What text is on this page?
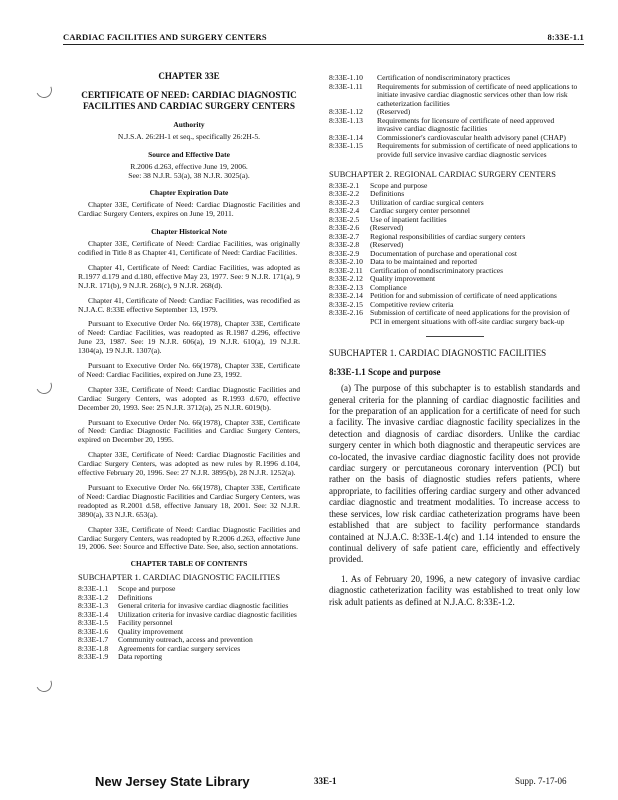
CARDIAC FACILITIES AND SURGERY CENTERS	8:33E-1.1
CHAPTER 33E
CERTIFICATE OF NEED: CARDIAC DIAGNOSTIC FACILITIES AND CARDIAC SURGERY CENTERS
Authority
N.J.S.A. 26:2H-1 et seq., specifically 26:2H-5.
Source and Effective Date
R.2006 d.263, effective June 19, 2006.
See: 38 N.J.R. 53(a), 38 N.J.R. 3025(a).
Chapter Expiration Date

Chapter 33E, Certificate of Need: Cardiac Diagnostic Facilities and Cardiac Surgery Centers, expires on June 19, 2011.

Chapter Historical Note

Chapter 33E, Certificate of Need: Cardiac Facilities, was originally codified in Title 8 as Chapter 41, Certificate of Need: Cardiac Facilities.

Chapter 41, Certificate of Need: Cardiac Facilities, was adopted as R.1977 d.179 and d.180, effective May 23, 1977. See: 9 N.J.R. 171(a), 9 N.J.R. 171(b), 9 N.J.R. 268(c), 9 N.J.R. 268(d).

Chapter 41, Certificate of Need: Cardiac Facilities, was recodified as N.J.A.C. 8:33E effective September 13, 1979.

Pursuant to Executive Order No. 66(1978), Chapter 33E, Certificate of Need: Cardiac Facilities, was readopted as R.1987 d.296, effective June 23, 1987. See: 19 N.J.R. 606(a), 19 N.J.R. 610(a), 19 N.J.R. 1304(a), 19 N.J.R. 1307(a).

Pursuant to Executive Order No. 66(1978), Chapter 33E, Certificate of Need: Cardiac Facilities, expired on June 23, 1992.

Chapter 33E, Certificate of Need: Cardiac Diagnostic Facilities and Cardiac Surgery Centers, was adopted as R.1993 d.670, effective December 20, 1993. See: 25 N.J.R. 3712(a), 25 N.J.R. 6019(b).

Pursuant to Executive Order No. 66(1978), Chapter 33E, Certificate of Need: Cardiac Diagnostic Facilities and Cardiac Surgery Centers, expired on December 20, 1995.

Chapter 33E, Certificate of Need: Cardiac Diagnostic Facilities and Cardiac Surgery Centers, was adopted as new rules by R.1996 d.104, effective February 20, 1996. See: 27 N.J.R. 3895(b), 28 N.J.R. 1252(a).

Pursuant to Executive Order No. 66(1978), Chapter 33E, Certificate of Need: Cardiac Diagnostic Facilities and Cardiac Surgery Centers, was readopted as R.2001 d.58, effective January 18, 2001. See: 32 N.J.R. 3890(a), 33 N.J.R. 653(a).

Chapter 33E, Certificate of Need: Cardiac Diagnostic Facilities and Cardiac Surgery Centers, was readopted by R.2006 d.263, effective June 19, 2006. See: Source and Effective Date. See, also, section annotations.

CHAPTER TABLE OF CONTENTS
SUBCHAPTER 1. CARDIAC DIAGNOSTIC FACILITIES
8:33E-1.1	Scope and purpose
8:33E-1.2	Definitions
8:33E-1.3	General criteria for invasive cardiac diagnostic facilities
8:33E-1.4	Utilization criteria for invasive cardiac diagnostic facilities
8:33E-1.5	Facility personnel
8:33E-1.6	Quality improvement
8:33E-1.7	Community outreach, access and prevention
8:33E-1.8	Agreements for cardiac surgery services
8:33E-1.9	Data reporting
8:33E-1.10	Certification of nondiscriminatory practices
8:33E-1.11	Requirements for submission of certificate of need applications to initiate invasive cardiac diagnostic services other than low risk catheterization facilities
8:33E-1.12	(Reserved)
8:33E-1.13	Requirements for licensure of certificate of need approved invasive cardiac diagnostic facilities
8:33E-1.14	Commissioner's cardiovascular health advisory panel (CHAP)
8:33E-1.15	Requirements for submission of certificate of need applications to provide full service invasive cardiac diagnostic services
SUBCHAPTER 2. REGIONAL CARDIAC SURGERY CENTERS
8:33E-2.1	Scope and purpose
8:33E-2.2	Definitions
8:33E-2.3	Utilization of cardiac surgical centers
8:33E-2.4	Cardiac surgery center personnel
8:33E-2.5	Use of inpatient facilities
8:33E-2.6	(Reserved)
8:33E-2.7	Regional responsibilities of cardiac surgery centers
8:33E-2.8	(Reserved)
8:33E-2.9	Documentation of purchase and operational cost
8:33E-2.10 Data to be maintained and reported
8:33E-2.11 Certification of nondiscriminatory practices
8:33E-2.12 Quality improvement
8:33E-2.13 Compliance
8:33E-2.14 Petition for and submission of certificate of need applications
8:33E-2.15 Competitive review criteria
8:33E-2.16 Submission of certificate of need applications for the provision of PCI in emergent situations with off-site cardiac surgery back-up
SUBCHAPTER 1. CARDIAC DIAGNOSTIC FACILITIES
8:33E-1.1 Scope and purpose

(a) The purpose of this subchapter is to establish standards and general criteria for the planning of cardiac diagnostic facilities and for the preparation of an application for a certificate of need for such a facility. The invasive cardiac diagnostic facility specializes in the detection and diagnosis of cardiac disorders. Unlike the cardiac surgery center in which both diagnostic and therapeutic services are co-located, the invasive cardiac diagnostic facility does not provide cardiac surgery or percutaneous coronary intervention (PCI) but rather on the basis of diagnostic studies refers patients, where appropriate, to facilities offering cardiac surgery and other advanced cardiac diagnostic and treatment modalities. To increase access to these services, low risk cardiac catheterization programs have been established that are subject to facility performance standards contained at N.J.A.C. 8:33E-1.4(c) and 1.14 intended to ensure the continual delivery of safe patient care, efficiently and effectively provided.

1. As of February 20, 1996, a new category of invasive cardiac diagnostic catheterization facility was established to treat only low risk adult patients as defined at N.J.A.C. 8:33E-1.2.

New Jersey State Library	33E-1	Supp. 7-17-06
